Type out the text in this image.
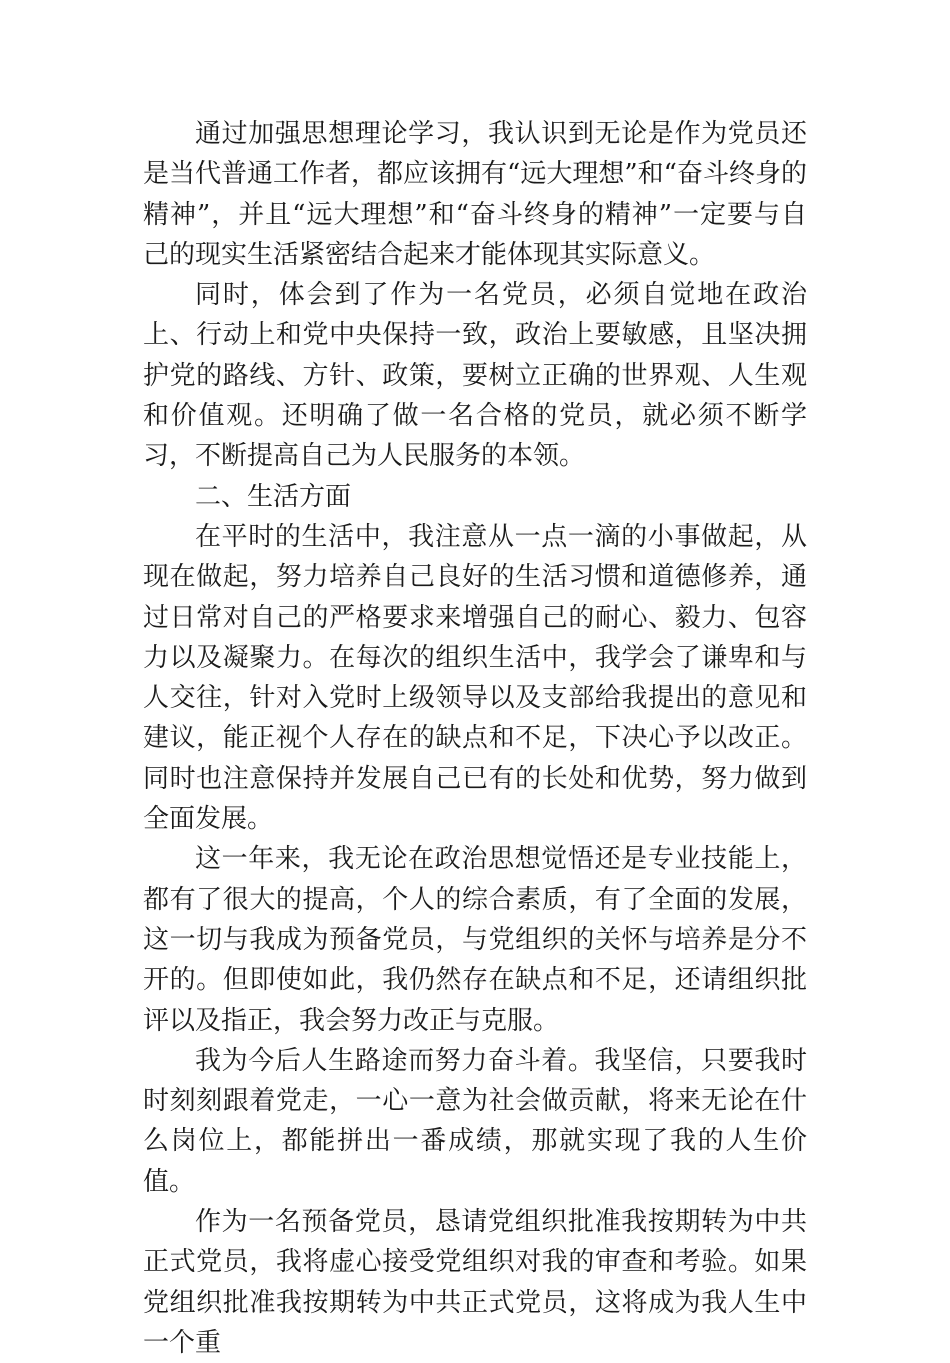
通过加强思想理论学习，我认识到无论是作为党员还是当代普通工作者，都应该拥有“远大理想”和“奋斗终身的精神”，并且“远大理想”和“奋斗终身的精神”一定要与自己的现实生活紧密结合起来才能体现其实际意义。

同时，体会到了作为一名党员，必须自觉地在政治上、行动上和党中央保持一致，政治上要敏感，且坚决拥护党的路线、方针、政策，要树立正确的世界观、人生观和价值观。还明确了做一名合格的党员，就必须不断学习，不断提高自己为人民服务的本领。

二、生活方面

在平时的生活中，我注意从一点一滴的小事做起，从现在做起，努力培养自己良好的生活习惯和道德修养，通过日常对自己的严格要求来增强自己的耐心、毅力、包容力以及凝聚力。在每次的组织生活中，我学会了谦卑和与人交往，针对入党时上级领导以及支部给我提出的意见和建议，能正视个人存在的缺点和不足，下决心予以改正。同时也注意保持并发展自己已有的长处和优势，努力做到全面发展。

这一年来，我无论在政治思想觉悟还是专业技能上，都有了很大的提高，个人的综合素质，有了全面的发展，这一切与我成为预备党员，与党组织的关怀与培养是分不开的。但即使如此，我仍然存在缺点和不足，还请组织批评以及指正，我会努力改正与克服。

我为今后人生路途而努力奋斗着。我坚信，只要我时时刻刻跟着党走，一心一意为社会做贡献，将来无论在什么岗位上，都能拼出一番成绩，那就实现了我的人生价值。

作为一名预备党员，恳请党组织批准我按期转为中共正式党员，我将虚心接受党组织对我的审查和考验。如果党组织批准我按期转为中共正式党员，这将成为我人生中一个重
